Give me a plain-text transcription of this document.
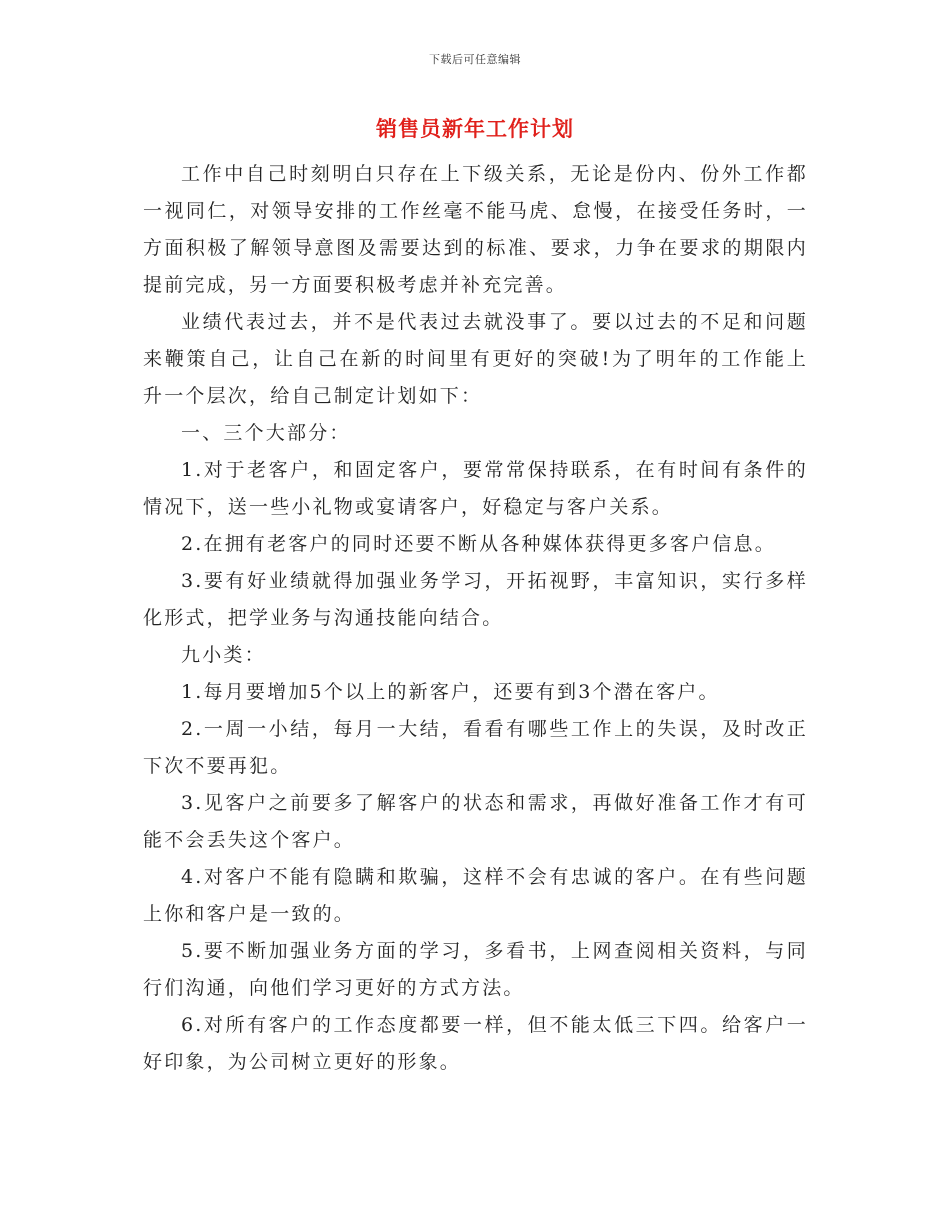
下载后可任意编辑
销售员新年工作计划

工作中自己时刻明白只存在上下级关系，无论是份内、份外工作都一视同仁，对领导安排的工作丝毫不能马虎、怠慢，在接受任务时，一方面积极了解领导意图及需要达到的标准、要求，力争在要求的期限内提前完成，另一方面要积极考虑并补充完善。

业绩代表过去，并不是代表过去就没事了。要以过去的不足和问题来鞭策自己，让自己在新的时间里有更好的突破!为了明年的工作能上升一个层次，给自己制定计划如下：

一、三个大部分：

1.对于老客户，和固定客户，要常常保持联系，在有时间有条件的情况下，送一些小礼物或宴请客户，好稳定与客户关系。

2.在拥有老客户的同时还要不断从各种媒体获得更多客户信息。

3.要有好业绩就得加强业务学习，开拓视野，丰富知识，实行多样化形式，把学业务与沟通技能向结合。

九小类：

1.每月要增加5个以上的新客户，还要有到3个潜在客户。

2.一周一小结，每月一大结，看看有哪些工作上的失误，及时改正下次不要再犯。

3.见客户之前要多了解客户的状态和需求，再做好准备工作才有可能不会丢失这个客户。

4.对客户不能有隐瞒和欺骗，这样不会有忠诚的客户。在有些问题上你和客户是一致的。

5.要不断加强业务方面的学习，多看书，上网查阅相关资料，与同行们沟通，向他们学习更好的方式方法。

6.对所有客户的工作态度都要一样，但不能太低三下四。给客户一好印象，为公司树立更好的形象。
